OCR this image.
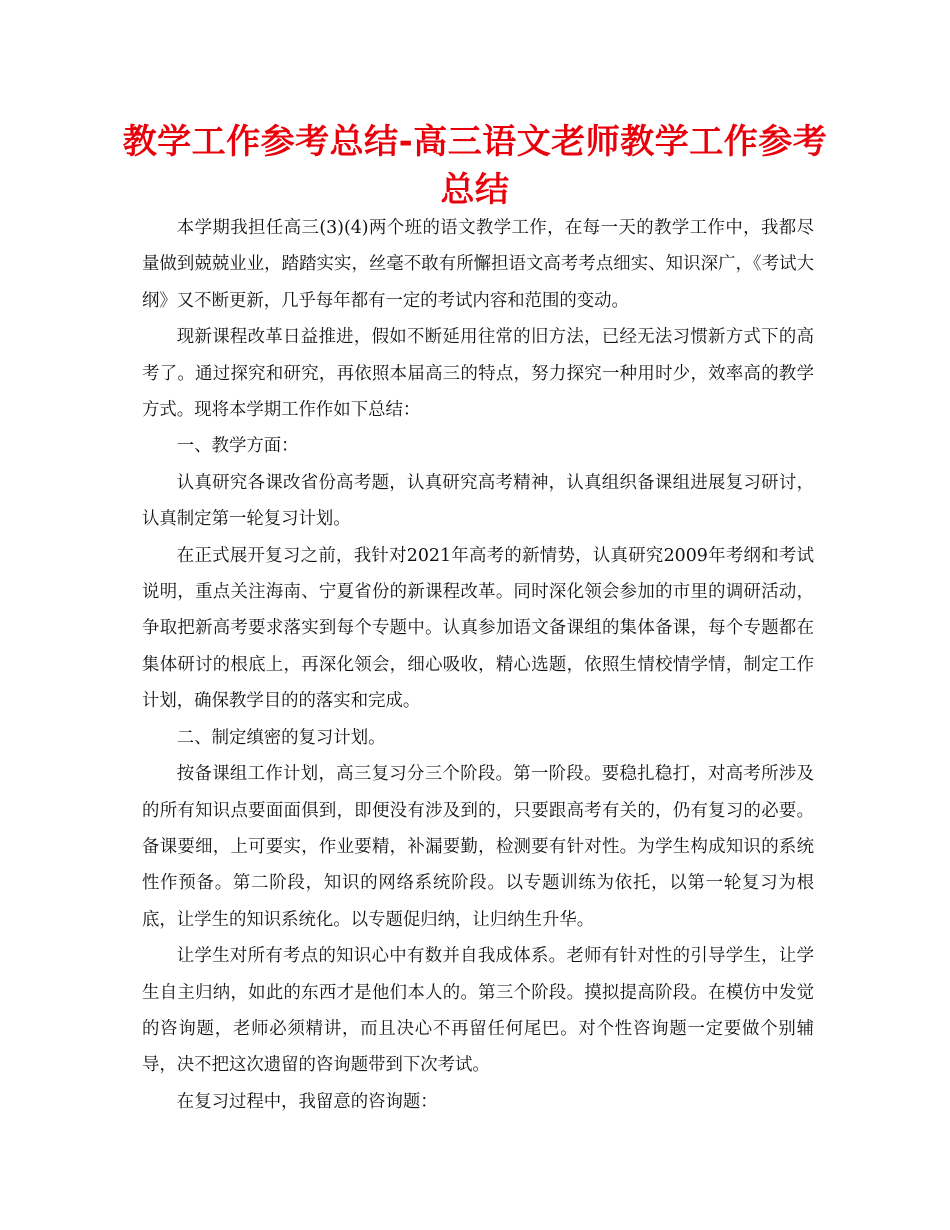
教学工作参考总结-高三语文老师教学工作参考总结

本学期我担任高三(3)(4)两个班的语文教学工作，在每一天的教学工作中，我都尽量做到兢兢业业，踏踏实实，丝毫不敢有所懈担语文高考考点细实、知识深广，《考试大纲》又不断更新，几乎每年都有一定的考试内容和范围的变动。

现新课程改革日益推进，假如不断延用往常的旧方法，已经无法习惯新方式下的高考了。通过探究和研究，再依照本届高三的特点，努力探究一种用时少，效率高的教学方式。现将本学期工作作如下总结：

一、教学方面：

认真研究各课改省份高考题，认真研究高考精神，认真组织备课组进展复习研讨，认真制定第一轮复习计划。

在正式展开复习之前，我针对2021年高考的新情势，认真研究2009年考纲和考试说明，重点关注海南、宁夏省份的新课程改革。同时深化领会参加的市里的调研活动，争取把新高考要求落实到每个专题中。认真参加语文备课组的集体备课，每个专题都在集体研讨的根底上，再深化领会，细心吸收，精心选题，依照生情校情学情，制定工作计划，确保教学目的的落实和完成。

二、制定缜密的复习计划。

按备课组工作计划，高三复习分三个阶段。第一阶段。要稳扎稳打，对高考所涉及的所有知识点要面面俱到，即便没有涉及到的，只要跟高考有关的，仍有复习的必要。备课要细，上可要实，作业要精，补漏要勤，检测要有针对性。为学生构成知识的系统性作预备。第二阶段，知识的网络系统阶段。以专题训练为依托，以第一轮复习为根底，让学生的知识系统化。以专题促归纳，让归纳生升华。

让学生对所有考点的知识心中有数并自我成体系。老师有针对性的引导学生，让学生自主归纳，如此的东西才是他们本人的。第三个阶段。摸拟提高阶段。在模仿中发觉的咨询题，老师必须精讲，而且决心不再留任何尾巴。对个性咨询题一定要做个别辅导，决不把这次遗留的咨询题带到下次考试。

在复习过程中，我留意的咨询题：
